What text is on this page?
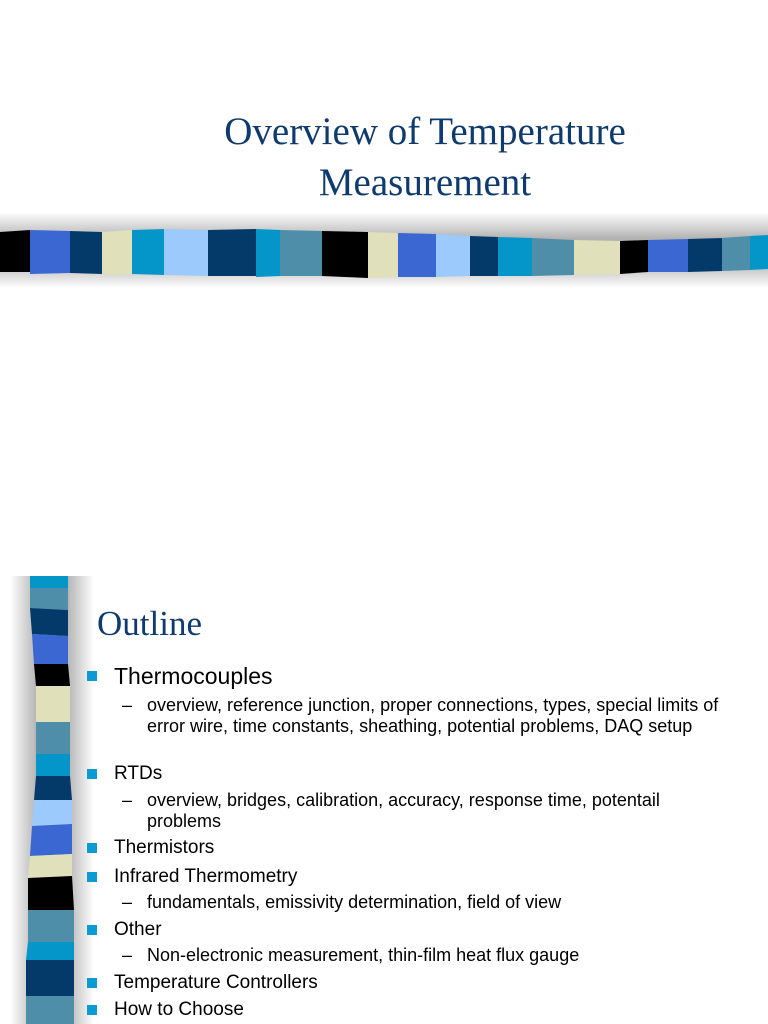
Overview of Temperature
Measurement
Outline
Thermocouples
– overview, reference junction, proper connections, types, special limits of error wire, time constants, sheathing, potential problems, DAQ setup
RTDs
– overview, bridges, calibration, accuracy, response time, potentail problems
Thermistors
Infrared Thermometry
– fundamentals, emissivity determination, field of view
Other
– Non-electronic measurement, thin-film heat flux gauge
Temperature Controllers
How to Choose
